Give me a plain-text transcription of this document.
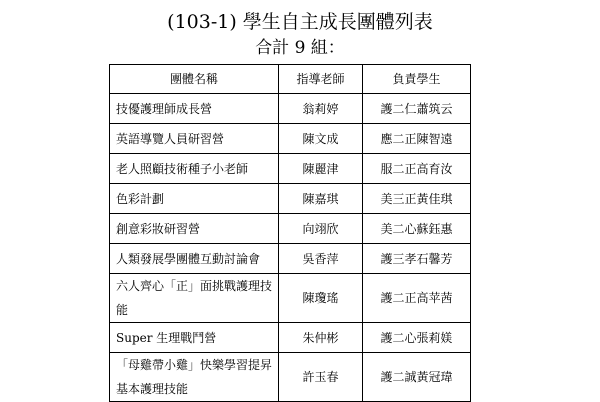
(103-1) 學生自主成長團體列表
合計 9 組：
團體名稱	指導老師	負責學生
技優護理師成長營	翁莉婷	護二仁蕭筑云
英語導覽人員研習營	陳文成	應二正陳智遠
老人照顧技術種子小老師	陳麗津	服二正高育汝
色彩計劃	陳嘉琪	美三正黃佳琪
創意彩妝研習營	向翊欣	美二心蘇鈺惠
人類發展學團體互動討論會	吳香萍	護三孝石馨芳
六人齊心「正」面挑戰護理技能	陳瓊瑤	護二正高苹茜
Super 生理戰鬥營	朱仲彬	護二心張莉媄
「母雞帶小雞」快樂學習提昇基本護理技能	許玉春	護二誠黃冠瑋
